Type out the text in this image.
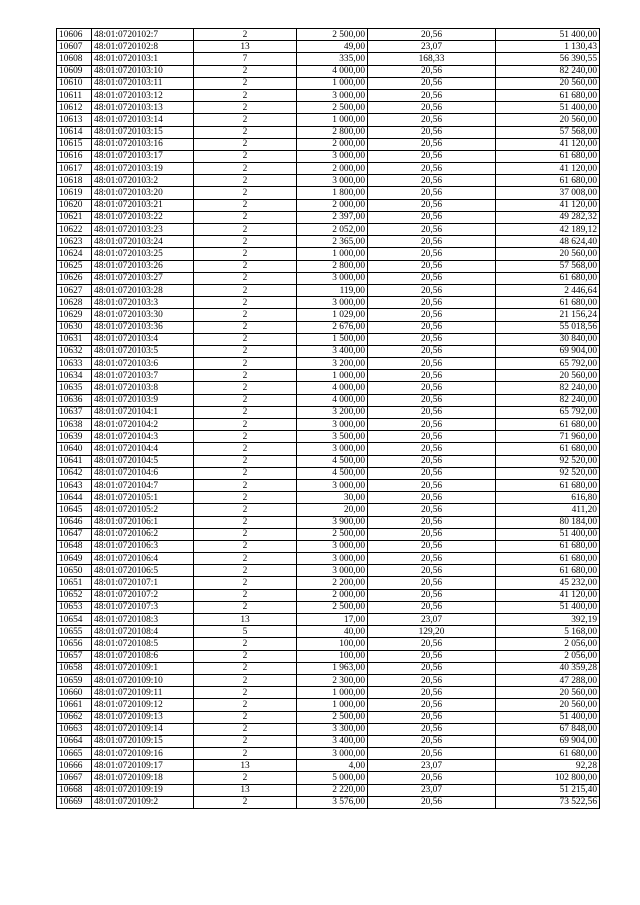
10606	48:01:0720102:7	2	2 500,00	20,56	51 400,00
10607	48:01:0720102:8	13	49,00	23,07	1 130,43
10608	48:01:0720103:1	7	335,00	168,33	56 390,55
10609	48:01:0720103:10	2	4 000,00	20,56	82 240,00
10610	48:01:0720103:11	2	1 000,00	20,56	20 560,00
10611	48:01:0720103:12	2	3 000,00	20,56	61 680,00
10612	48:01:0720103:13	2	2 500,00	20,56	51 400,00
10613	48:01:0720103:14	2	1 000,00	20,56	20 560,00
10614	48:01:0720103:15	2	2 800,00	20,56	57 568,00
10615	48:01:0720103:16	2	2 000,00	20,56	41 120,00
10616	48:01:0720103:17	2	3 000,00	20,56	61 680,00
10617	48:01:0720103:19	2	2 000,00	20,56	41 120,00
10618	48:01:0720103:2	2	3 000,00	20,56	61 680,00
10619	48:01:0720103:20	2	1 800,00	20,56	37 008,00
10620	48:01:0720103:21	2	2 000,00	20,56	41 120,00
10621	48:01:0720103:22	2	2 397,00	20,56	49 282,32
10622	48:01:0720103:23	2	2 052,00	20,56	42 189,12
10623	48:01:0720103:24	2	2 365,00	20,56	48 624,40
10624	48:01:0720103:25	2	1 000,00	20,56	20 560,00
10625	48:01:0720103:26	2	2 800,00	20,56	57 568,00
10626	48:01:0720103:27	2	3 000,00	20,56	61 680,00
10627	48:01:0720103:28	2	119,00	20,56	2 446,64
10628	48:01:0720103:3	2	3 000,00	20,56	61 680,00
10629	48:01:0720103:30	2	1 029,00	20,56	21 156,24
10630	48:01:0720103:36	2	2 676,00	20,56	55 018,56
10631	48:01:0720103:4	2	1 500,00	20,56	30 840,00
10632	48:01:0720103:5	2	3 400,00	20,56	69 904,00
10633	48:01:0720103:6	2	3 200,00	20,56	65 792,00
10634	48:01:0720103:7	2	1 000,00	20,56	20 560,00
10635	48:01:0720103:8	2	4 000,00	20,56	82 240,00
10636	48:01:0720103:9	2	4 000,00	20,56	82 240,00
10637	48:01:0720104:1	2	3 200,00	20,56	65 792,00
10638	48:01:0720104:2	2	3 000,00	20,56	61 680,00
10639	48:01:0720104:3	2	3 500,00	20,56	71 960,00
10640	48:01:0720104:4	2	3 000,00	20,56	61 680,00
10641	48:01:0720104:5	2	4 500,00	20,56	92 520,00
10642	48:01:0720104:6	2	4 500,00	20,56	92 520,00
10643	48:01:0720104:7	2	3 000,00	20,56	61 680,00
10644	48:01:0720105:1	2	30,00	20,56	616,80
10645	48:01:0720105:2	2	20,00	20,56	411,20
10646	48:01:0720106:1	2	3 900,00	20,56	80 184,00
10647	48:01:0720106:2	2	2 500,00	20,56	51 400,00
10648	48:01:0720106:3	2	3 000,00	20,56	61 680,00
10649	48:01:0720106:4	2	3 000,00	20,56	61 680,00
10650	48:01:0720106:5	2	3 000,00	20,56	61 680,00
10651	48:01:0720107:1	2	2 200,00	20,56	45 232,00
10652	48:01:0720107:2	2	2 000,00	20,56	41 120,00
10653	48:01:0720107:3	2	2 500,00	20,56	51 400,00
10654	48:01:0720108:3	13	17,00	23,07	392,19
10655	48:01:0720108:4	5	40,00	129,20	5 168,00
10656	48:01:0720108:5	2	100,00	20,56	2 056,00
10657	48:01:0720108:6	2	100,00	20,56	2 056,00
10658	48:01:0720109:1	2	1 963,00	20,56	40 359,28
10659	48:01:0720109:10	2	2 300,00	20,56	47 288,00
10660	48:01:0720109:11	2	1 000,00	20,56	20 560,00
10661	48:01:0720109:12	2	1 000,00	20,56	20 560,00
10662	48:01:0720109:13	2	2 500,00	20,56	51 400,00
10663	48:01:0720109:14	2	3 300,00	20,56	67 848,00
10664	48:01:0720109:15	2	3 400,00	20,56	69 904,00
10665	48:01:0720109:16	2	3 000,00	20,56	61 680,00
10666	48:01:0720109:17	13	4,00	23,07	92,28
10667	48:01:0720109:18	2	5 000,00	20,56	102 800,00
10668	48:01:0720109:19	13	2 220,00	23,07	51 215,40
10669	48:01:0720109:2	2	3 576,00	20,56	73 522,56
